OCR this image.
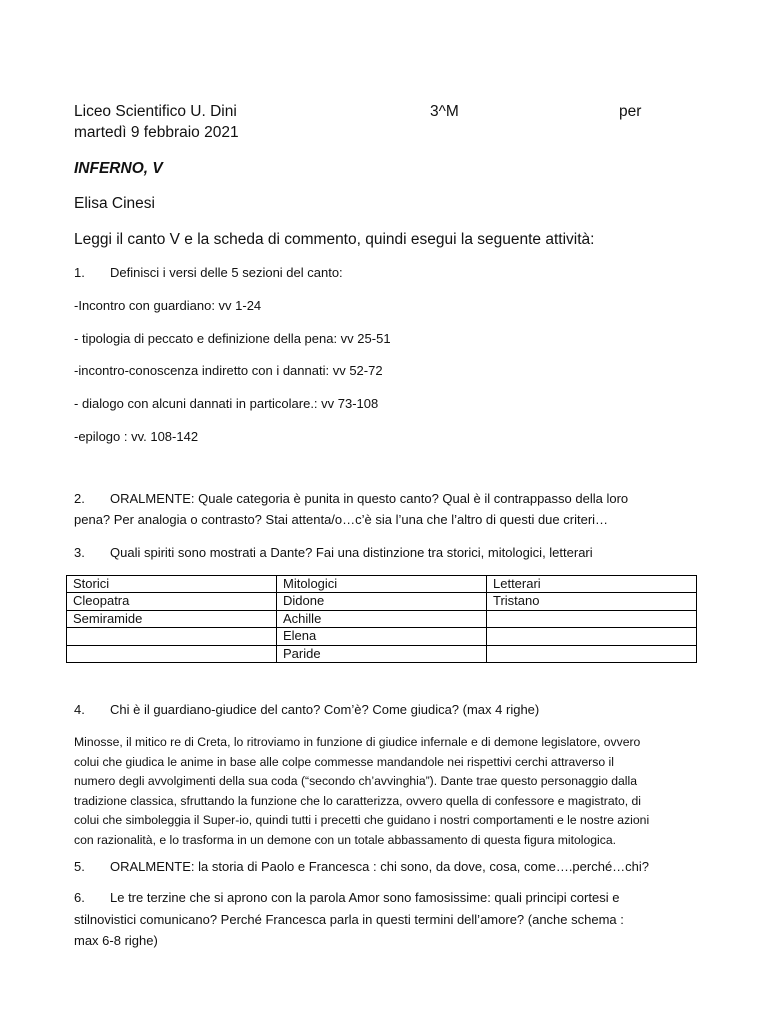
Liceo Scientifico U. Dini	3^M	per
martedì 9 febbraio 2021
INFERNO, V
Elisa Cinesi
Leggi il canto V e la scheda di commento, quindi esegui la seguente attività:
1. Definisci i versi delle 5 sezioni del canto:
-Incontro con guardiano: vv 1-24
- tipologia di peccato e definizione della pena: vv 25-51
-incontro-conoscenza indiretto con i dannati: vv 52-72
- dialogo con alcuni dannati in particolare.: vv 73-108
-epilogo : vv. 108-142
2. ORALMENTE: Quale categoria è punita in questo canto? Qual è il contrappasso della loro
pena? Per analogia o contrasto? Stai attenta/o…c’è sia l’una che l’altro di questi due criteri…
3. Quali spiriti sono mostrati a Dante? Fai una distinzione tra storici, mitologici, letterari
Storici	Mitologici	Letterari
Cleopatra	Didone	Tristano
Semiramide	Achille	
	Elena	
	Paride	
4. Chi è il guardiano-giudice del canto? Com’è? Come giudica? (max 4 righe)
Minosse, il mitico re di Creta, lo ritroviamo in funzione di giudice infernale e di demone legislatore, ovvero
colui che giudica le anime in base alle colpe commesse mandandole nei rispettivi cerchi attraverso il
numero degli avvolgimenti della sua coda (“secondo ch’avvinghia”). Dante trae questo personaggio dalla
tradizione classica, sfruttando la funzione che lo caratterizza, ovvero quella di confessore e magistrato, di
colui che simboleggia il Super-io, quindi tutti i precetti che guidano i nostri comportamenti e le nostre azioni
con razionalità, e lo trasforma in un demone con un totale abbassamento di questa figura mitologica.
5. ORALMENTE: la storia di Paolo e Francesca : chi sono, da dove, cosa, come….perché…chi?
6. Le tre terzine che si aprono con la parola Amor sono famosissime: quali principi cortesi e
stilnovistici comunicano? Perché Francesca parla in questi termini dell’amore? (anche schema :
max 6-8 righe)
